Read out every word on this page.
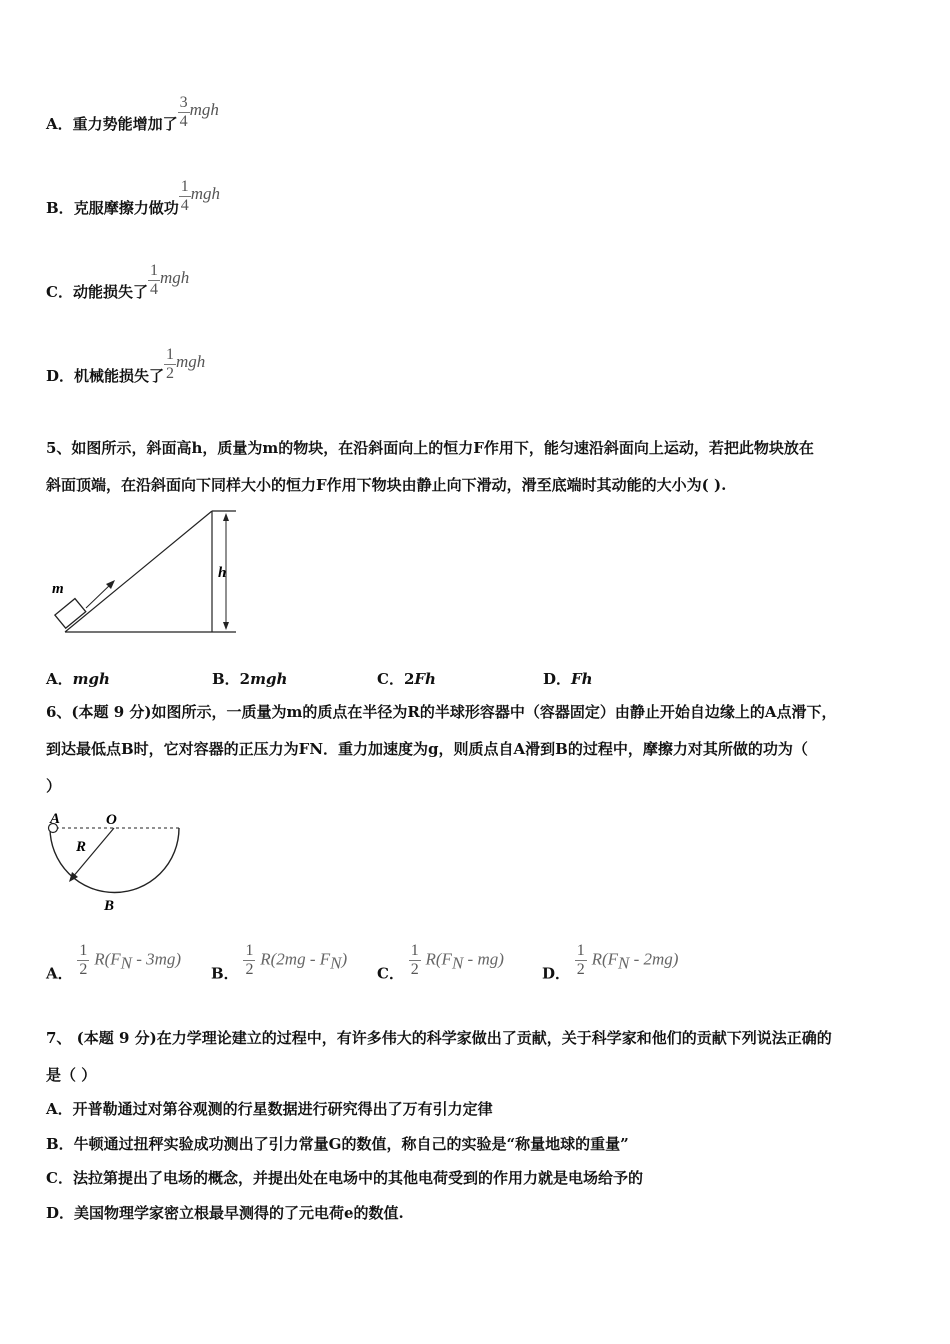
A．重力势能增加了 $\frac{3}{4}$ mgh
B．克服摩擦力做功 $\frac{1}{4}$ mgh
C．动能损失了 $\frac{1}{4}$ mgh
D．机械能损失了 $\frac{1}{2}$ mgh
5、如图所示，斜面高h，质量为m的物块，在沿斜面向上的恒力F作用下，能匀速沿斜面向上运动，若把此物块放在
斜面顶端，在沿斜面向下同样大小的恒力F作用下物块由静止向下滑动，滑至底端时其动能的大小为( ).
m
h
A．mgh	B．2mgh	C．2Fh	D．Fh
6、(本题 9 分)如图所示，一质量为m的质点在半径为R的半球形容器中（容器固定）由静止开始自边缘上的A点滑下，
到达最低点B时，它对容器的正压力为FN．重力加速度为g，则质点自A滑到B的过程中，摩擦力对其所做的功为（
）
A	O
R
B
A． $\frac{1}{2} R(F_N - 3mg)$
B． $\frac{1}{2} R(2mg - F_N)$
C． $\frac{1}{2} R(F_N - mg)$
D． $\frac{1}{2} R(F_N - 2mg)$
7、 (本题 9 分)在力学理论建立的过程中，有许多伟大的科学家做出了贡献，关于科学家和他们的贡献下列说法正确的
是（ ）
A．开普勒通过对第谷观测的行星数据进行研究得出了万有引力定律
B．牛顿通过扭秤实验成功测出了引力常量G的数值，称自己的实验是“称量地球的重量”
C．法拉第提出了电场的概念，并提出处在电场中的其他电荷受到的作用力就是电场给予的
D．美国物理学家密立根最早测得的了元电荷e的数值.
